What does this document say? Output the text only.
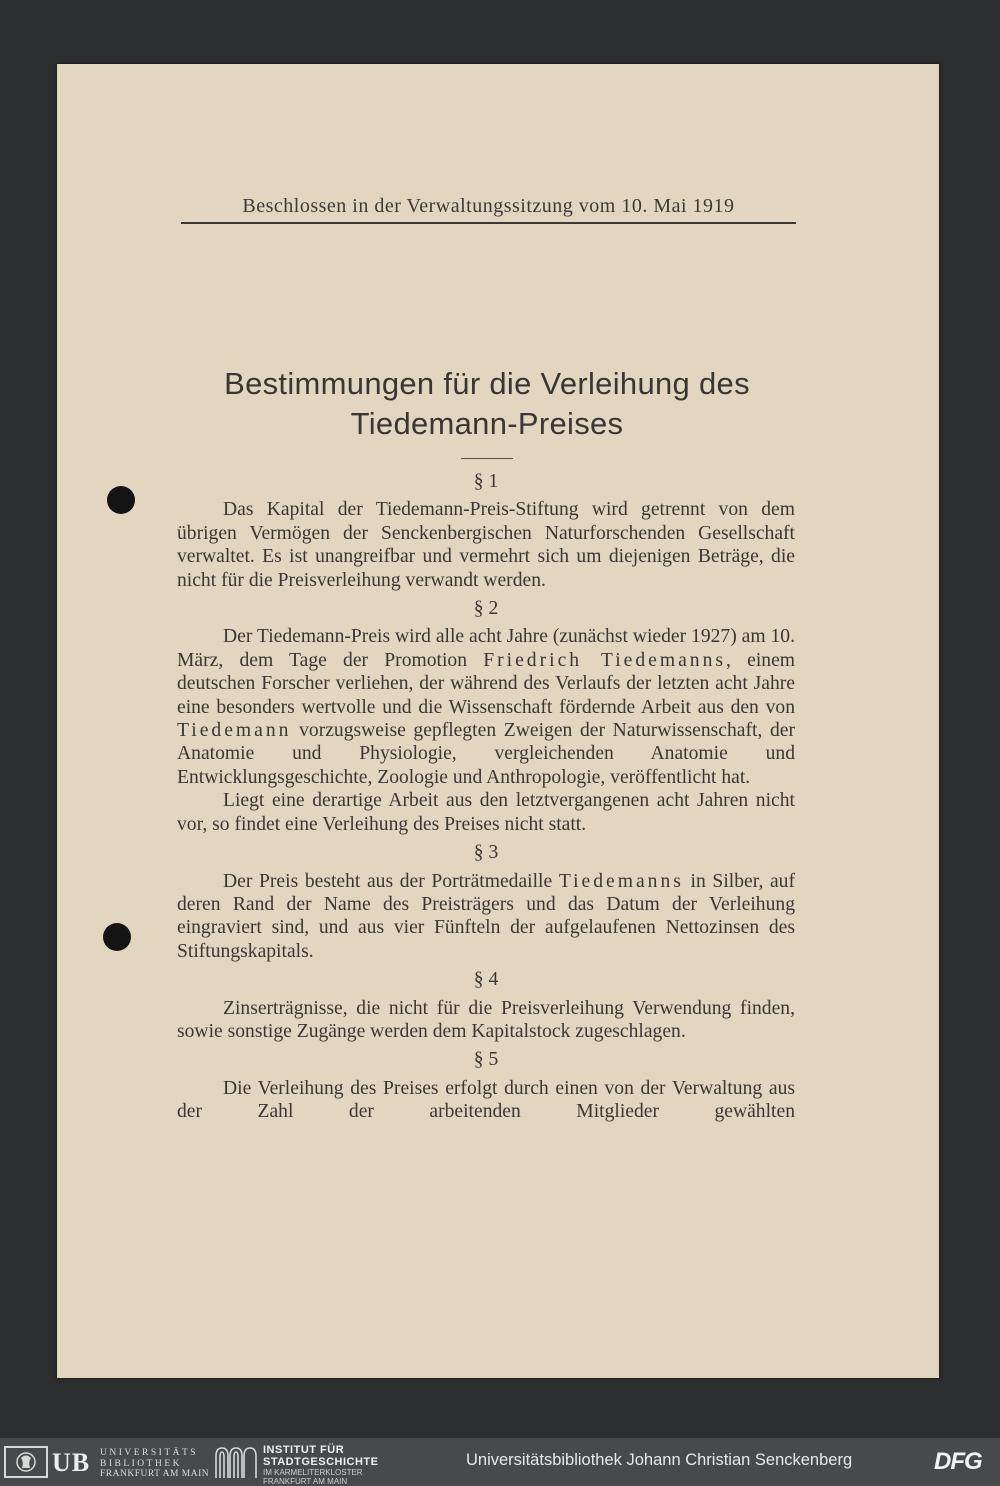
Beschlossen in der Verwaltungssitzung vom 10. Mai 1919
Bestimmungen für die Verleihung des
Tiedemann-Preises
§ 1

Das Kapital der Tiedemann-Preis-Stiftung wird getrennt von dem übrigen Vermögen der Senckenbergischen Naturforschenden Gesellschaft verwaltet. Es ist unangreifbar und vermehrt sich um diejenigen Beträge, die nicht für die Preisverleihung verwandt werden.

§ 2

Der Tiedemann-Preis wird alle acht Jahre (zunächst wieder 1927) am 10. März, dem Tage der Promotion Friedrich Tiedemanns, einem deutschen Forscher verliehen, der während des Verlaufs der letzten acht Jahre eine besonders wertvolle und die Wissenschaft fördernde Arbeit aus den von Tiedemann vorzugsweise gepflegten Zweigen der Naturwissenschaft, der Anatomie und Physiologie, vergleichenden Anatomie und Entwicklungsgeschichte, Zoologie und Anthropologie, veröffentlicht hat.

Liegt eine derartige Arbeit aus den letztvergangenen acht Jahren nicht vor, so findet eine Verleihung des Preises nicht statt.

§ 3

Der Preis besteht aus der Porträtmedaille Tiedemanns in Silber, auf deren Rand der Name des Preisträgers und das Datum der Verleihung eingraviert sind, und aus vier Fünfteln der aufgelaufenen Nettozinsen des Stiftungskapitals.

§ 4

Zinserträgnisse, die nicht für die Preisverleihung Verwendung finden, sowie sonstige Zugänge werden dem Kapitalstock zugeschlagen.

§ 5

Die Verleihung des Preises erfolgt durch einen von der Verwaltung aus der Zahl der arbeitenden Mitglieder gewählten

UB UNIVERSITÄTS
BIBLIOTHEK
FRANKFURT AM MAIN
INSTITUT FÜR
STADTGESCHICHTE
IM KARMELITERKLOSTER
FRANKFURT AM MAIN
Universitätsbibliothek Johann Christian Senckenberg	DFG
